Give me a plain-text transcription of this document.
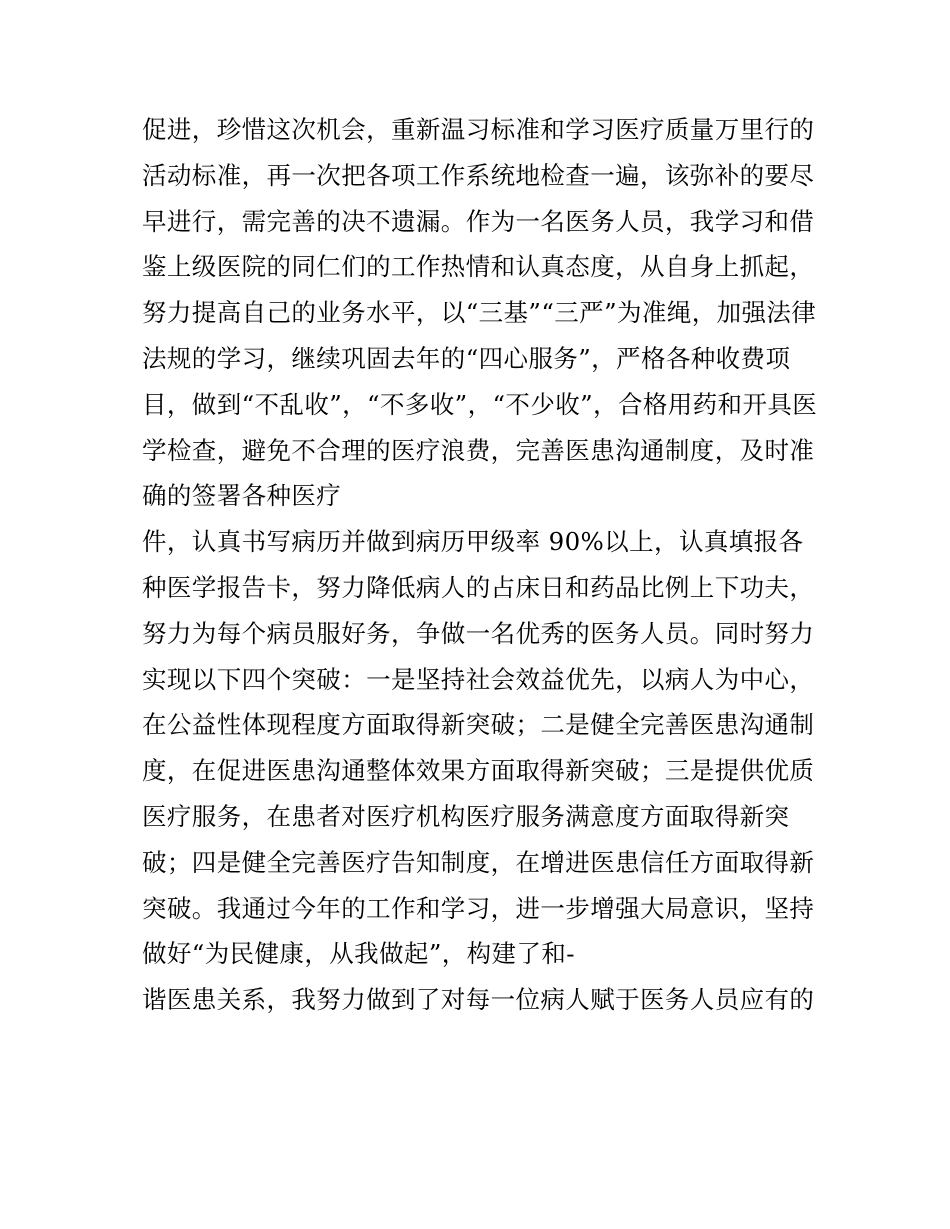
促进，珍惜这次机会，重新温习标准和学习医疗质量万里行的
活动标准，再一次把各项工作系统地检查一遍，该弥补的要尽
早进行，需完善的决不遗漏。作为一名医务人员，我学习和借
鉴上级医院的同仁们的工作热情和认真态度，从自身上抓起，
努力提高自己的业务水平，以“三基”“三严”为准绳，加强法律
法规的学习，继续巩固去年的“四心服务”，严格各种收费项
目，做到“不乱收”，“不多收”，“不少收”，合格用药和开具医
学检查，避免不合理的医疗浪费，完善医患沟通制度，及时准
确的签署各种医疗
件，认真书写病历并做到病历甲级率 90%以上，认真填报各
种医学报告卡，努力降低病人的占床日和药品比例上下功夫，
努力为每个病员服好务，争做一名优秀的医务人员。同时努力
实现以下四个突破：一是坚持社会效益优先，以病人为中心，
在公益性体现程度方面取得新突破；二是健全完善医患沟通制
度，在促进医患沟通整体效果方面取得新突破；三是提供优质
医疗服务，在患者对医疗机构医疗服务满意度方面取得新突
破；四是健全完善医疗告知制度，在增进医患信任方面取得新
突破。我通过今年的工作和学习，进一步增强大局意识，坚持
做好“为民健康，从我做起”，构建了和-
谐医患关系，我努力做到了对每一位病人赋于医务人员应有的
